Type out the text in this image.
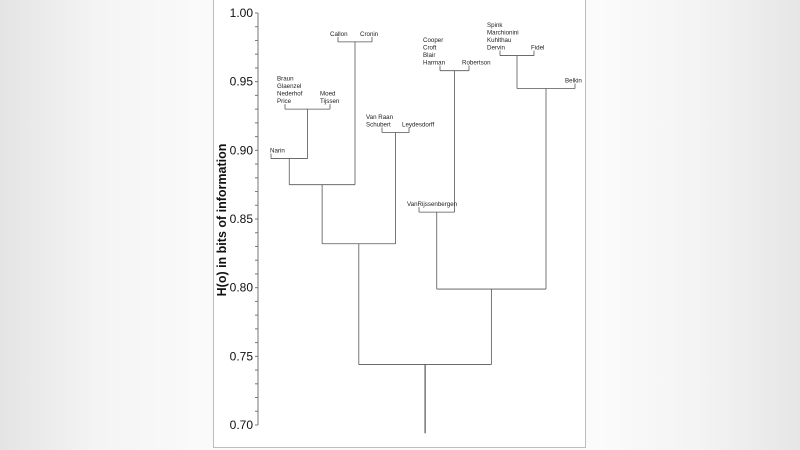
H(o) in bits of information
0.70
0.75
0.80
0.85
0.90
0.95
1.00
Narin
Braun
Glaenzel
Nederhof
Price
Moed
Tijssen
Callon Cronin
Van Raan
Schubert Leydesdorff
VanRijssenbergen
Cooper
Croft
Blair
Harman	Robertson
Spink
Marchionini
Kuhlthau
Dervin	Fidel
Belkin
